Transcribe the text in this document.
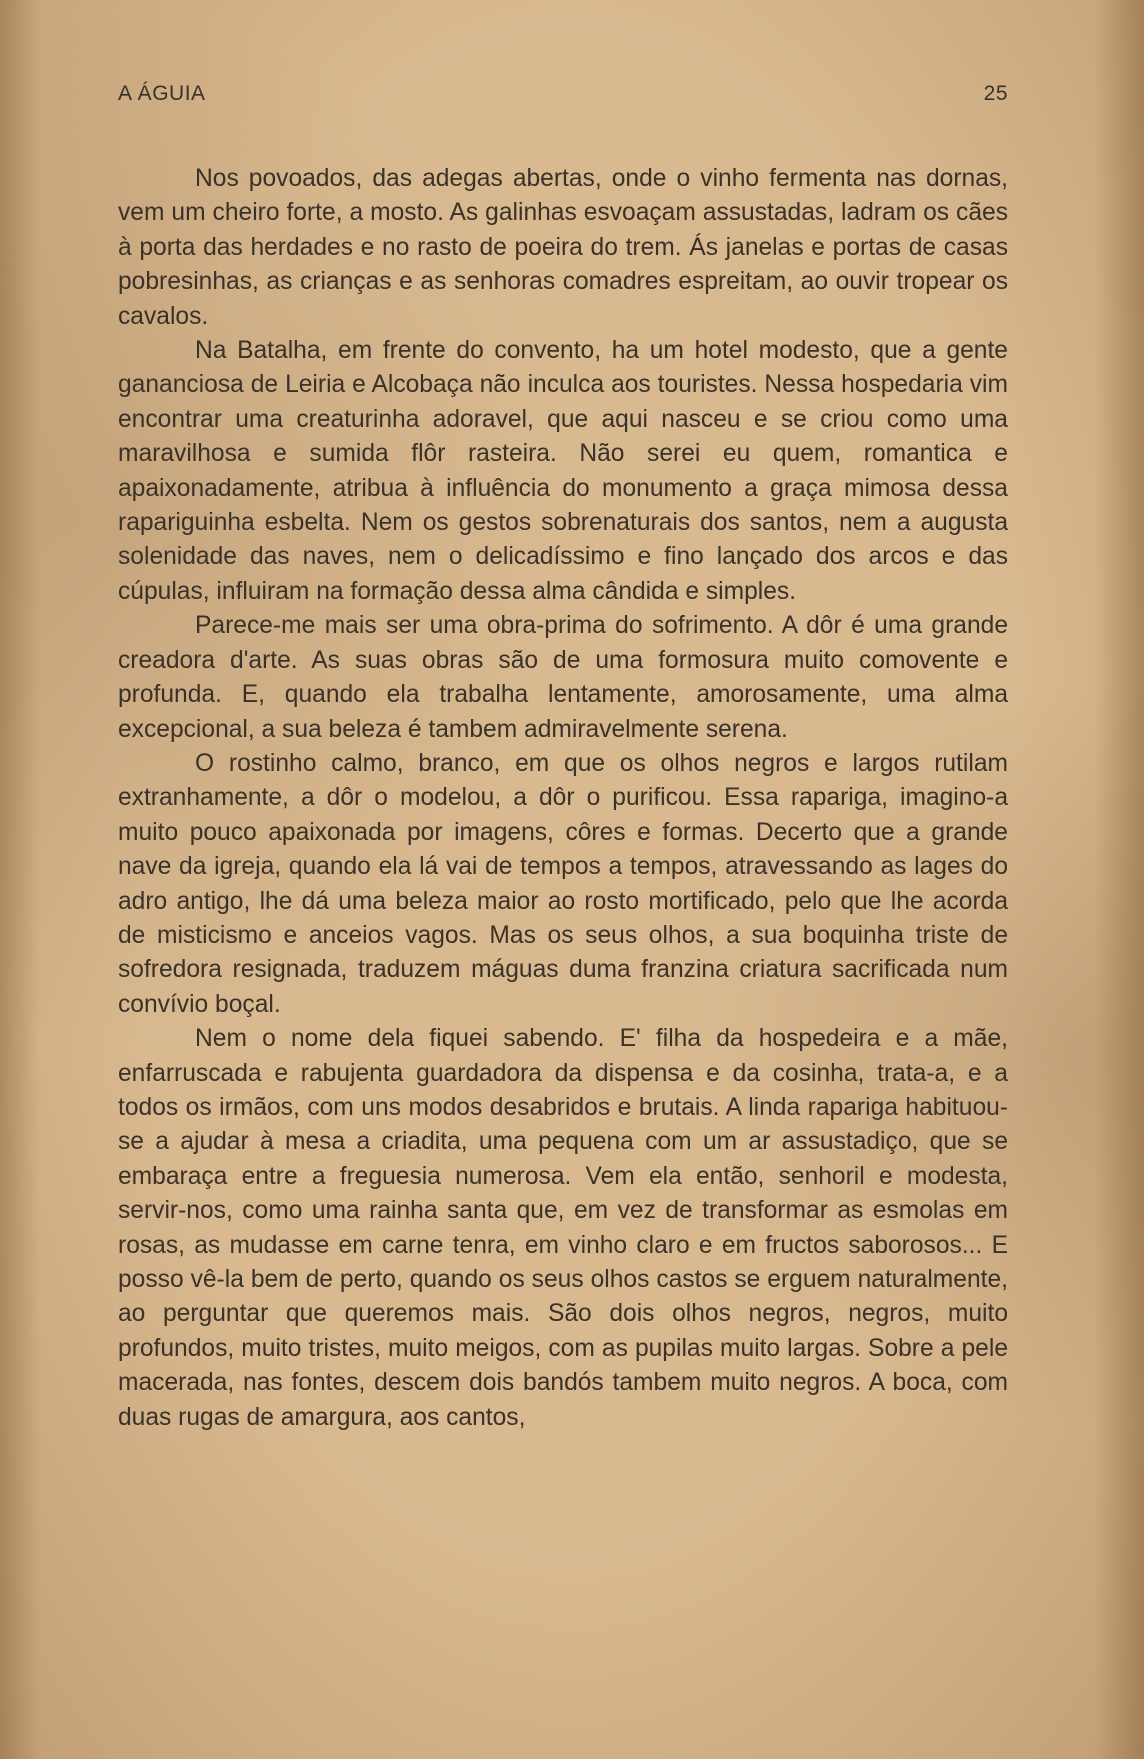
A ÁGUIA	25

Nos povoados, das adegas abertas, onde o vinho fermenta nas dornas, vem um cheiro forte, a mosto. As galinhas esvoaçam assustadas, ladram os cães à porta das herdades e no rasto de poeira do trem. Ás janelas e portas de casas pobresinhas, as crianças e as senhoras comadres espreitam, ao ouvir tropear os cavalos.

Na Batalha, em frente do convento, ha um hotel modesto, que a gente gananciosa de Leiria e Alcobaça não inculca aos touristes. Nessa hospedaria vim encontrar uma creaturinha adoravel, que aqui nasceu e se criou como uma maravilhosa e sumida flôr rasteira. Não serei eu quem, romantica e apaixonadamente, atribua à influência do monumento a graça mimosa dessa rapariguinha esbelta. Nem os gestos sobrenaturais dos santos, nem a augusta solenidade das naves, nem o delicadíssimo e fino lançado dos arcos e das cúpulas, influiram na formação dessa alma cândida e simples.

Parece-me mais ser uma obra-prima do sofrimento. A dôr é uma grande creadora d'arte. As suas obras são de uma formosura muito comovente e profunda. E, quando ela trabalha lentamente, amorosamente, uma alma excepcional, a sua beleza é tambem admiravelmente serena.

O rostinho calmo, branco, em que os olhos negros e largos rutilam extranhamente, a dôr o modelou, a dôr o purificou. Essa rapariga, imagino-a muito pouco apaixonada por imagens, côres e formas. Decerto que a grande nave da igreja, quando ela lá vai de tempos a tempos, atravessando as lages do adro antigo, lhe dá uma beleza maior ao rosto mortificado, pelo que lhe acorda de misticismo e anceios vagos. Mas os seus olhos, a sua boquinha triste de sofredora resignada, traduzem máguas duma franzina criatura sacrificada num convívio boçal.

Nem o nome dela fiquei sabendo. E' filha da hospedeira e a mãe, enfarruscada e rabujenta guardadora da dispensa e da cosinha, trata-a, e a todos os irmãos, com uns modos desabridos e brutais. A linda rapariga habituou-se a ajudar à mesa a criadita, uma pequena com um ar assustadiço, que se embaraça entre a freguesia numerosa. Vem ela então, senhoril e modesta, servir-nos, como uma rainha santa que, em vez de transformar as esmolas em rosas, as mudasse em carne tenra, em vinho claro e em fructos saborosos... E posso vê-la bem de perto, quando os seus olhos castos se erguem naturalmente, ao perguntar que queremos mais. São dois olhos negros, negros, muito profundos, muito tristes, muito meigos, com as pupilas muito largas. Sobre a pele macerada, nas fontes, descem dois bandós tambem muito negros. A boca, com duas rugas de amargura, aos cantos,
